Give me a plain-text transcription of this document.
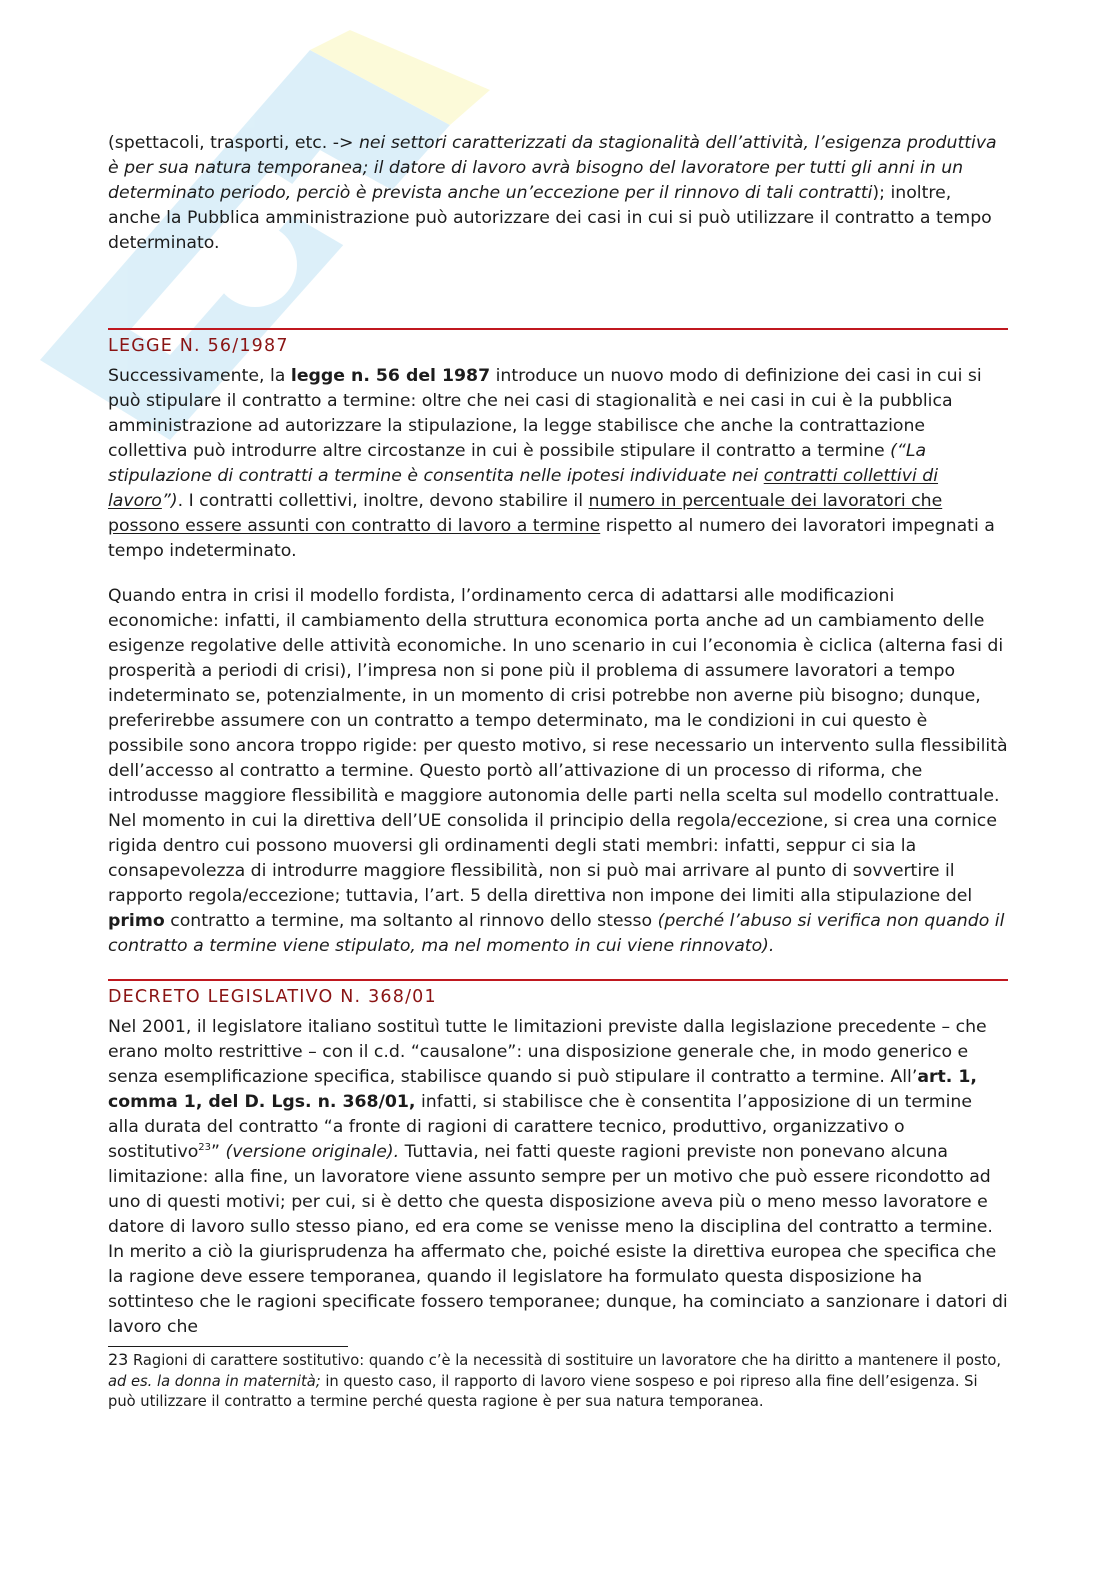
(spettacoli, trasporti, etc. -> nei settori caratterizzati da stagionalità dell’attività, l’esigenza produttiva è per sua natura temporanea; il datore di lavoro avrà bisogno del lavoratore per tutti gli anni in un determinato periodo, perciò è prevista anche un’eccezione per il rinnovo di tali contratti); inoltre, anche la Pubblica amministrazione può autorizzare dei casi in cui si può utilizzare il contratto a tempo determinato.

LEGGE N. 56/1987

Successivamente, la legge n. 56 del 1987 introduce un nuovo modo di definizione dei casi in cui si può stipulare il contratto a termine: oltre che nei casi di stagionalità e nei casi in cui è la pubblica amministrazione ad autorizzare la stipulazione, la legge stabilisce che anche la contrattazione collettiva può introdurre altre circostanze in cui è possibile stipulare il contratto a termine (“La stipulazione di contratti a termine è consentita nelle ipotesi individuate nei contratti collettivi di lavoro”). I contratti collettivi, inoltre, devono stabilire il numero in percentuale dei lavoratori che possono essere assunti con contratto di lavoro a termine rispetto al numero dei lavoratori impegnati a tempo indeterminato.

Quando entra in crisi il modello fordista, l’ordinamento cerca di adattarsi alle modificazioni economiche: infatti, il cambiamento della struttura economica porta anche ad un cambiamento delle esigenze regolative delle attività economiche. In uno scenario in cui l’economia è ciclica (alterna fasi di prosperità a periodi di crisi), l’impresa non si pone più il problema di assumere lavoratori a tempo indeterminato se, potenzialmente, in un momento di crisi potrebbe non averne più bisogno; dunque, preferirebbe assumere con un contratto a tempo determinato, ma le condizioni in cui questo è possibile sono ancora troppo rigide: per questo motivo, si rese necessario un intervento sulla flessibilità dell’accesso al contratto a termine. Questo portò all’attivazione di un processo di riforma, che introdusse maggiore flessibilità e maggiore autonomia delle parti nella scelta sul modello contrattuale. Nel momento in cui la direttiva dell’UE consolida il principio della regola/eccezione, si crea una cornice rigida dentro cui possono muoversi gli ordinamenti degli stati membri: infatti, seppur ci sia la consapevolezza di introdurre maggiore flessibilità, non si può mai arrivare al punto di sovvertire il rapporto regola/eccezione; tuttavia, l’art. 5 della direttiva non impone dei limiti alla stipulazione del primo contratto a termine, ma soltanto al rinnovo dello stesso (perché l’abuso si verifica non quando il contratto a termine viene stipulato, ma nel momento in cui viene rinnovato).

DECRETO LEGISLATIVO N. 368/01

Nel 2001, il legislatore italiano sostituì tutte le limitazioni previste dalla legislazione precedente – che erano molto restrittive – con il c.d. “causalone”: una disposizione generale che, in modo generico e senza esemplificazione specifica, stabilisce quando si può stipulare il contratto a termine. All’art. 1, comma 1, del D. Lgs. n. 368/01, infatti, si stabilisce che è consentita l’apposizione di un termine alla durata del contratto “a fronte di ragioni di carattere tecnico, produttivo, organizzativo o sostitutivo$^{23}$” (versione originale). Tuttavia, nei fatti queste ragioni previste non ponevano alcuna limitazione: alla fine, un lavoratore viene assunto sempre per un motivo che può essere ricondotto ad uno di questi motivi; per cui, si è detto che questa disposizione aveva più o meno messo lavoratore e datore di lavoro sullo stesso piano, ed era come se venisse meno la disciplina del contratto a termine. In merito a ciò la giurisprudenza ha affermato che, poiché esiste la direttiva europea che specifica che la ragione deve essere temporanea, quando il legislatore ha formulato questa disposizione ha sottinteso che le ragioni specificate fossero temporanee; dunque, ha cominciato a sanzionare i datori di lavoro che

23 Ragioni di carattere sostitutivo: quando c’è la necessità di sostituire un lavoratore che ha diritto a mantenere il posto, ad es. la donna in maternità; in questo caso, il rapporto di lavoro viene sospeso e poi ripreso alla fine dell’esigenza. Si può utilizzare il contratto a termine perché questa ragione è per sua natura temporanea.
